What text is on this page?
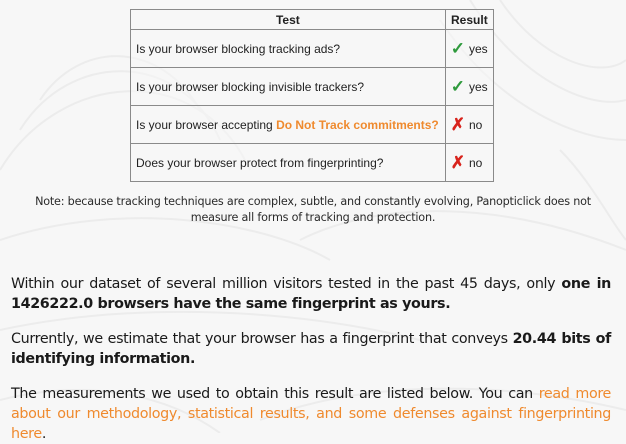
Test	Result
Is your browser blocking tracking ads?	✓ yes

Is your browser blocking invisible trackers?	✓ yes

Is your browser accepting Do Not Track commitments?	✗ no

Does your browser protect from fingerprinting?	✗ no
Note: because tracking techniques are complex, subtle, and constantly evolving, Panopticlick does not measure all forms of tracking and protection.
Within our dataset of several million visitors tested in the past 45 days, only one in 1426222.0 browsers have the same fingerprint as yours.
Currently, we estimate that your browser has a fingerprint that conveys 20.44 bits of identifying information.
The measurements we used to obtain this result are listed below. You can read more about our methodology, statistical results, and some defenses against fingerprinting here.
